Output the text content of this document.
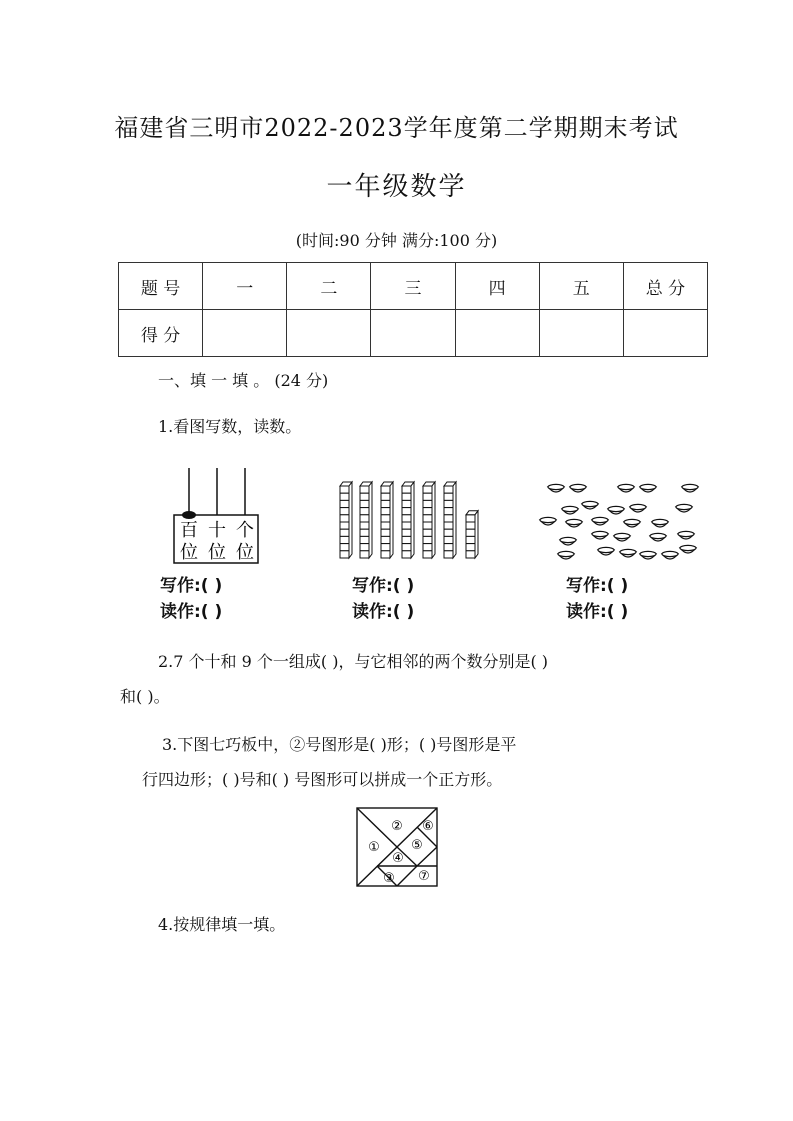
福建省三明市2022-2023学年度第二学期期末考试
一年级数学
(时间:90 分钟 满分:100 分)
题 号	一	二	三	四	五	总 分
得 分						
一、填 一 填 。 (24 分)
1.看图写数，读数。
百 十 个
位 位 位
写作:( )
读作:( )
写作:( )
读作:( )
写作:( )
读作:( )
2.7 个十和 9 个一组成( )，与它相邻的两个数分别是( )
和( )。
3.下图七巧板中，②号图形是( )形；( )号图形是平
行四边形；( )号和( ) 号图形可以拼成一个正方形。
①
②
③
④
⑤
⑥
⑦
4.按规律填一填。
